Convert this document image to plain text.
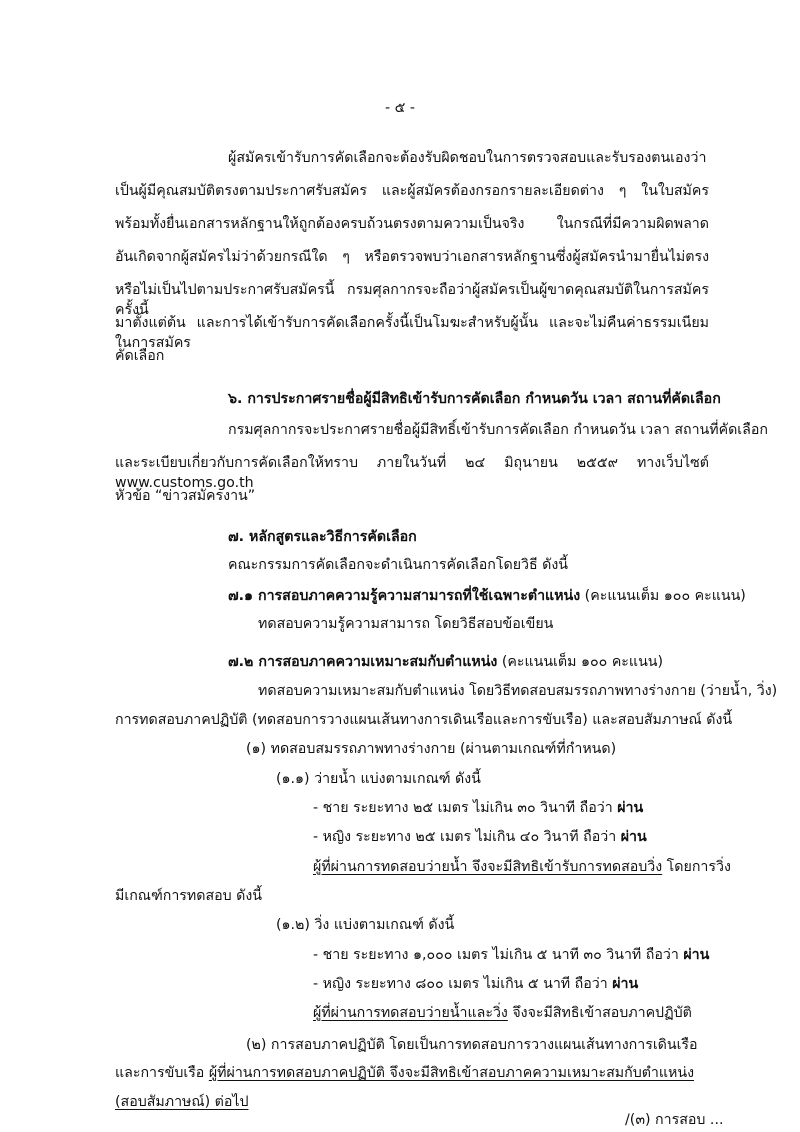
- ๕ -
ผู้สมัครเข้ารับการคัดเลือกจะต้องรับผิดชอบในการตรวจสอบและรับรองตนเองว่า
เป็นผู้มีคุณสมบัติตรงตามประกาศรับสมัคร และผู้สมัครต้องกรอกรายละเอียดต่าง ๆ ในใบสมัคร
พร้อมทั้งยื่นเอกสารหลักฐานให้ถูกต้องครบถ้วนตรงตามความเป็นจริง ในกรณีที่มีความผิดพลาด
อันเกิดจากผู้สมัครไม่ว่าด้วยกรณีใด ๆ หรือตรวจพบว่าเอกสารหลักฐานซึ่งผู้สมัครนำมายื่นไม่ตรง
หรือไม่เป็นไปตามประกาศรับสมัครนี้ กรมศุลกากรจะถือว่าผู้สมัครเป็นผู้ขาดคุณสมบัติในการสมัครครั้งนี้
มาตั้งแต่ต้น และการได้เข้ารับการคัดเลือกครั้งนี้เป็นโมฆะสำหรับผู้นั้น และจะไม่คืนค่าธรรมเนียมในการสมัคร
คัดเลือก
๖. การประกาศรายชื่อผู้มีสิทธิเข้ารับการคัดเลือก กำหนดวัน เวลา สถานที่คัดเลือก
กรมศุลกากรจะประกาศรายชื่อผู้มีสิทธิ์เข้ารับการคัดเลือก กำหนดวัน เวลา สถานที่คัดเลือก
และระเบียบเกี่ยวกับการคัดเลือกให้ทราบ ภายในวันที่ ๒๔ มิถุนายน ๒๕๕๙ ทางเว็บไซต์ www.customs.go.th
หัวข้อ “ข่าวสมัครงาน”
๗. หลักสูตรและวิธีการคัดเลือก
คณะกรรมการคัดเลือกจะดำเนินการคัดเลือกโดยวิธี ดังนี้
๗.๑ การสอบภาคความรู้ความสามารถที่ใช้เฉพาะตำแหน่ง (คะแนนเต็ม ๑๐๐ คะแนน)
ทดสอบความรู้ความสามารถ โดยวิธีสอบข้อเขียน
๗.๒ การสอบภาคความเหมาะสมกับตำแหน่ง (คะแนนเต็ม ๑๐๐ คะแนน)
ทดสอบความเหมาะสมกับตำแหน่ง โดยวิธีทดสอบสมรรถภาพทางร่างกาย (ว่ายน้ำ, วิ่ง)
การทดสอบภาคปฏิบัติ (ทดสอบการวางแผนเส้นทางการเดินเรือและการขับเรือ) และสอบสัมภาษณ์ ดังนี้
(๑) ทดสอบสมรรถภาพทางร่างกาย (ผ่านตามเกณฑ์ที่กำหนด)
(๑.๑) ว่ายน้ำ แบ่งตามเกณฑ์ ดังนี้
- ชาย ระยะทาง ๒๕ เมตร ไม่เกิน ๓๐ วินาที ถือว่า ผ่าน
- หญิง ระยะทาง ๒๕ เมตร ไม่เกิน ๔๐ วินาที ถือว่า ผ่าน
ผู้ที่ผ่านการทดสอบว่ายน้ำ จึงจะมีสิทธิเข้ารับการทดสอบวิ่ง โดยการวิ่ง
มีเกณฑ์การทดสอบ ดังนี้
(๑.๒) วิ่ง แบ่งตามเกณฑ์ ดังนี้
- ชาย ระยะทาง ๑,๐๐๐ เมตร ไม่เกิน ๕ นาที ๓๐ วินาที ถือว่า ผ่าน
- หญิง ระยะทาง ๘๐๐ เมตร ไม่เกิน ๕ นาที ถือว่า ผ่าน
ผู้ที่ผ่านการทดสอบว่ายน้ำและวิ่ง จึงจะมีสิทธิเข้าสอบภาคปฏิบัติ
(๒) การสอบภาคปฏิบัติ โดยเป็นการทดสอบการวางแผนเส้นทางการเดินเรือ
และการขับเรือ ผู้ที่ผ่านการทดสอบภาคปฏิบัติ จึงจะมีสิทธิเข้าสอบภาคความเหมาะสมกับตำแหน่ง
(สอบสัมภาษณ์) ต่อไป
/(๓) การสอบ ...
